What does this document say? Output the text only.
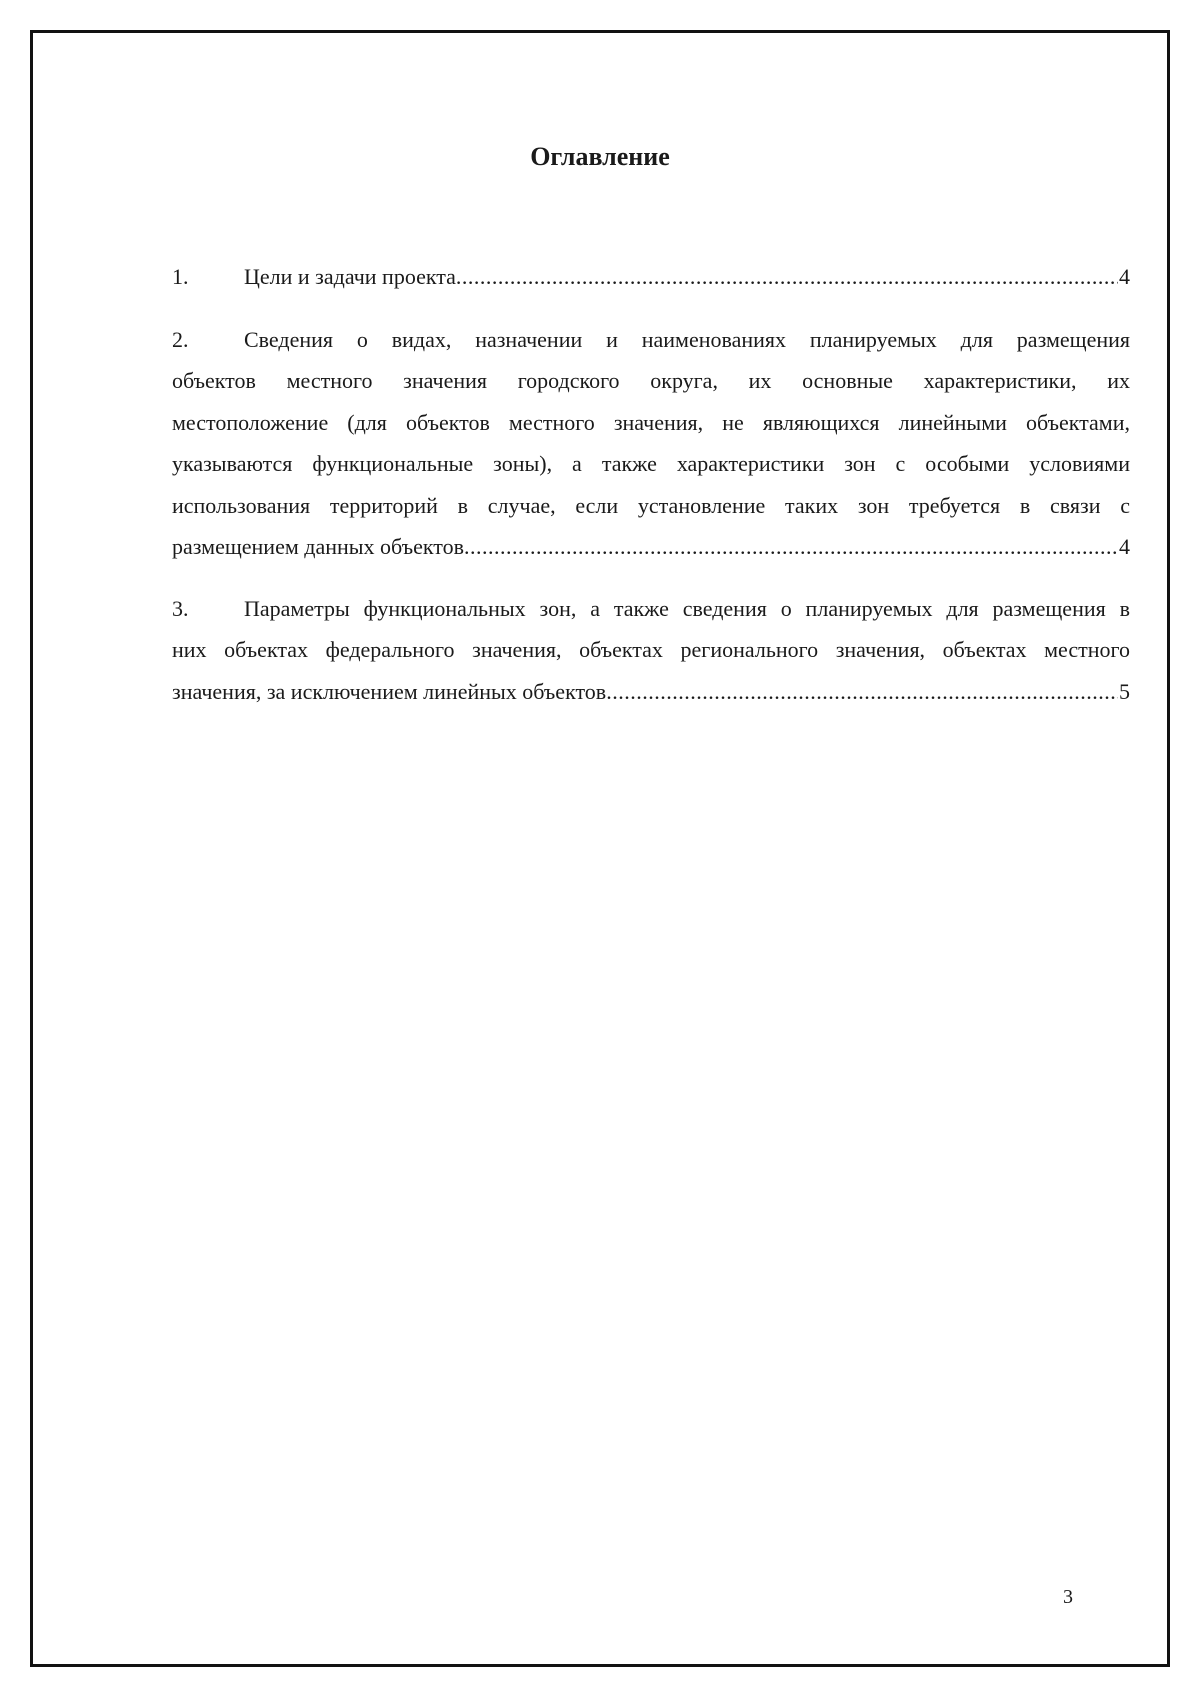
Оглавление
1.	Цели и задачи проекта .....	4
2.	Сведения о видах, назначении и наименованиях планируемых для размещения
объектов местного значения городского округа, их основные характеристики, их
местоположение (для объектов местного значения, не являющихся линейными объектами,
указываются функциональные зоны), а также характеристики зон с особыми условиями
использования территорий в случае, если установление таких зон требуется в связи с
размещением данных объектов .....	4
3.	Параметры функциональных зон, а также сведения о планируемых для размещения в
них объектах федерального значения, объектах регионального значения, объектах местного
значения, за исключением линейных объектов .....	5
3
